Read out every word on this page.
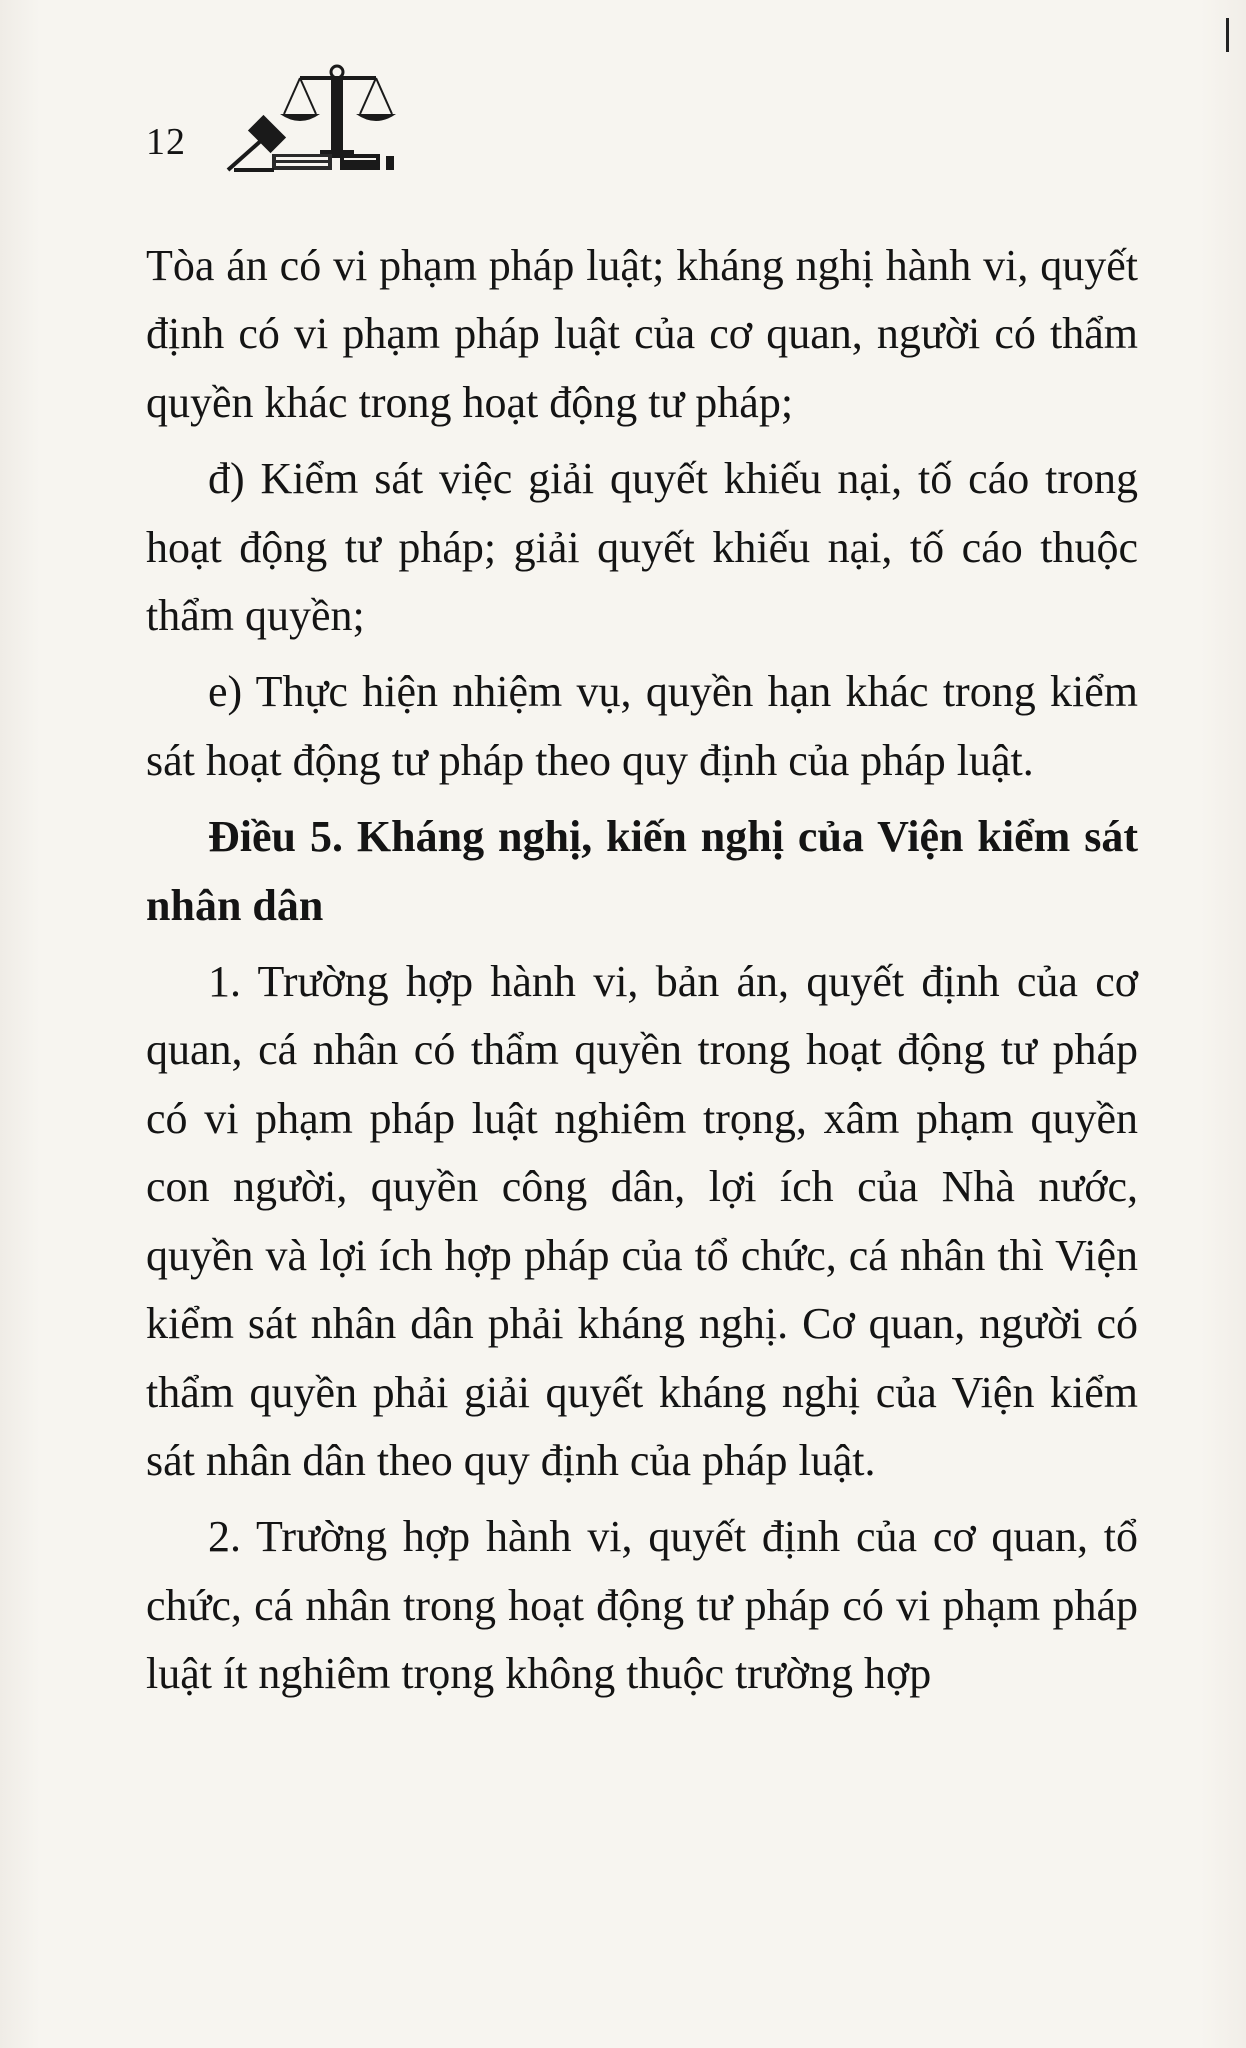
12

Tòa án có vi phạm pháp luật; kháng nghị hành vi, quyết định có vi phạm pháp luật của cơ quan, người có thẩm quyền khác trong hoạt động tư pháp;

đ) Kiểm sát việc giải quyết khiếu nại, tố cáo trong hoạt động tư pháp; giải quyết khiếu nại, tố cáo thuộc thẩm quyền;

e) Thực hiện nhiệm vụ, quyền hạn khác trong kiểm sát hoạt động tư pháp theo quy định của pháp luật.

Điều 5. Kháng nghị, kiến nghị của Viện kiểm sát nhân dân

1. Trường hợp hành vi, bản án, quyết định của cơ quan, cá nhân có thẩm quyền trong hoạt động tư pháp có vi phạm pháp luật nghiêm trọng, xâm phạm quyền con người, quyền công dân, lợi ích của Nhà nước, quyền và lợi ích hợp pháp của tổ chức, cá nhân thì Viện kiểm sát nhân dân phải kháng nghị. Cơ quan, người có thẩm quyền phải giải quyết kháng nghị của Viện kiểm sát nhân dân theo quy định của pháp luật.

2. Trường hợp hành vi, quyết định của cơ quan, tổ chức, cá nhân trong hoạt động tư pháp có vi phạm pháp luật ít nghiêm trọng không thuộc trường hợp
